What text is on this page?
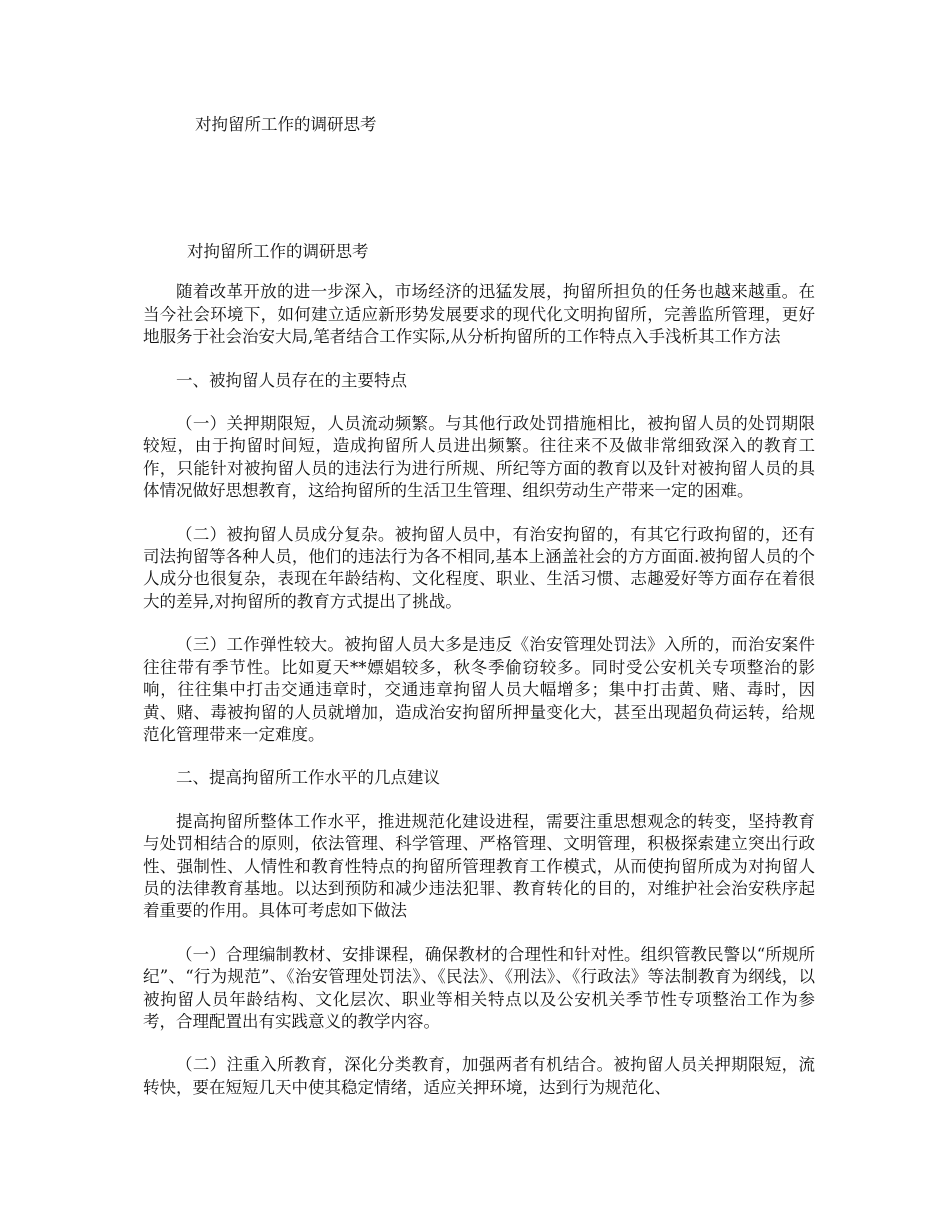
对拘留所工作的调研思考

对拘留所工作的调研思考

随着改革开放的进一步深入，市场经济的迅猛发展，拘留所担负的任务也越来越重。在当今社会环境下，如何建立适应新形势发展要求的现代化文明拘留所，完善监所管理，更好地服务于社会治安大局,笔者结合工作实际,从分析拘留所的工作特点入手浅析其工作方法

一、被拘留人员存在的主要特点

（一）关押期限短，人员流动频繁。与其他行政处罚措施相比，被拘留人员的处罚期限较短，由于拘留时间短，造成拘留所人员进出频繁。往往来不及做非常细致深入的教育工作，只能针对被拘留人员的违法行为进行所规、所纪等方面的教育以及针对被拘留人员的具体情况做好思想教育，这给拘留所的生活卫生管理、组织劳动生产带来一定的困难。

（二）被拘留人员成分复杂。被拘留人员中，有治安拘留的，有其它行政拘留的，还有司法拘留等各种人员，他们的违法行为各不相同,基本上涵盖社会的方方面面.被拘留人员的个人成分也很复杂，表现在年龄结构、文化程度、职业、生活习惯、志趣爱好等方面存在着很大的差异,对拘留所的教育方式提出了挑战。

（三）工作弹性较大。被拘留人员大多是违反《治安管理处罚法》入所的，而治安案件往往带有季节性。比如夏天**嫖娼较多，秋冬季偷窃较多。同时受公安机关专项整治的影响，往往集中打击交通违章时，交通违章拘留人员大幅增多；集中打击黄、赌、毒时，因黄、赌、毒被拘留的人员就增加，造成治安拘留所押量变化大，甚至出现超负荷运转，给规范化管理带来一定难度。

二、提高拘留所工作水平的几点建议

提高拘留所整体工作水平，推进规范化建设进程，需要注重思想观念的转变，坚持教育与处罚相结合的原则，依法管理、科学管理、严格管理、文明管理，积极探索建立突出行政性、强制性、人情性和教育性特点的拘留所管理教育工作模式，从而使拘留所成为对拘留人员的法律教育基地。以达到预防和减少违法犯罪、教育转化的目的，对维护社会治安秩序起着重要的作用。具体可考虑如下做法

（一）合理编制教材、安排课程，确保教材的合理性和针对性。组织管教民警以“所规所纪”、“行为规范”、《治安管理处罚法》、《民法》、《刑法》、《行政法》等法制教育为纲线，以被拘留人员年龄结构、文化层次、职业等相关特点以及公安机关季节性专项整治工作为参考，合理配置出有实践意义的教学内容。

（二）注重入所教育，深化分类教育，加强两者有机结合。被拘留人员关押期限短，流转快，要在短短几天中使其稳定情绪，适应关押环境，达到行为规范化、
